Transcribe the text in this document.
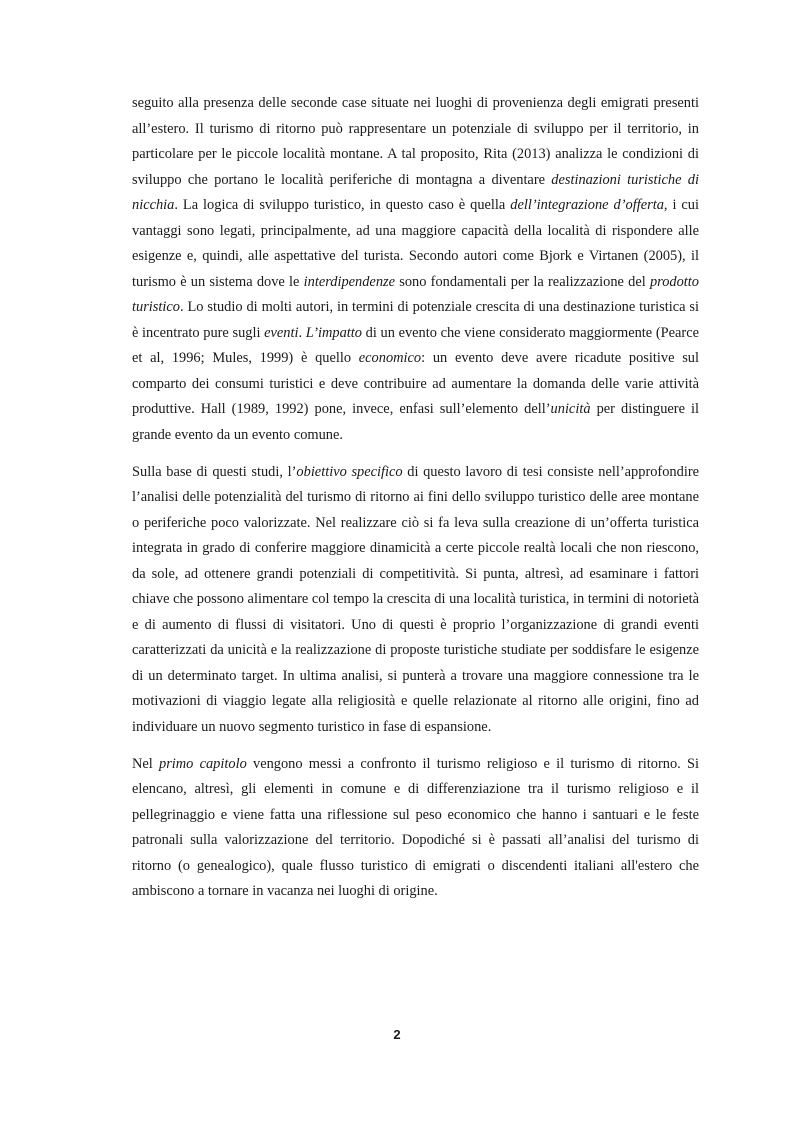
seguito alla presenza delle seconde case situate nei luoghi di provenienza degli emigrati presenti all’estero. Il turismo di ritorno può rappresentare un potenziale di sviluppo per il territorio, in particolare per le piccole località montane. A tal proposito, Rita (2013) analizza le condizioni di sviluppo che portano le località periferiche di montagna a diventare destinazioni turistiche di nicchia. La logica di sviluppo turistico, in questo caso è quella dell’integrazione d’offerta, i cui vantaggi sono legati, principalmente, ad una maggiore capacità della località di rispondere alle esigenze e, quindi, alle aspettative del turista. Secondo autori come Bjork e Virtanen (2005), il turismo è un sistema dove le interdipendenze sono fondamentali per la realizzazione del prodotto turistico. Lo studio di molti autori, in termini di potenziale crescita di una destinazione turistica si è incentrato pure sugli eventi. L’impatto di un evento che viene considerato maggiormente (Pearce et al, 1996; Mules, 1999) è quello economico: un evento deve avere ricadute positive sul comparto dei consumi turistici e deve contribuire ad aumentare la domanda delle varie attività produttive. Hall (1989, 1992) pone, invece, enfasi sull’elemento dell’unicità per distinguere il grande evento da un evento comune.

Sulla base di questi studi, l’obiettivo specifico di questo lavoro di tesi consiste nell’approfondire l’analisi delle potenzialità del turismo di ritorno ai fini dello sviluppo turistico delle aree montane o periferiche poco valorizzate. Nel realizzare ciò si fa leva sulla creazione di un’offerta turistica integrata in grado di conferire maggiore dinamicità a certe piccole realtà locali che non riescono, da sole, ad ottenere grandi potenziali di competitività. Si punta, altresì, ad esaminare i fattori chiave che possono alimentare col tempo la crescita di una località turistica, in termini di notorietà e di aumento di flussi di visitatori. Uno di questi è proprio l’organizzazione di grandi eventi caratterizzati da unicità e la realizzazione di proposte turistiche studiate per soddisfare le esigenze di un determinato target. In ultima analisi, si punterà a trovare una maggiore connessione tra le motivazioni di viaggio legate alla religiosità e quelle relazionate al ritorno alle origini, fino ad individuare un nuovo segmento turistico in fase di espansione.

Nel primo capitolo vengono messi a confronto il turismo religioso e il turismo di ritorno. Si elencano, altresì, gli elementi in comune e di differenziazione tra il turismo religioso e il pellegrinaggio e viene fatta una riflessione sul peso economico che hanno i santuari e le feste patronali sulla valorizzazione del territorio. Dopodiché si è passati all’analisi del turismo di ritorno (o genealogico), quale flusso turistico di emigrati o discendenti italiani all'estero che ambiscono a tornare in vacanza nei luoghi di origine.

2
